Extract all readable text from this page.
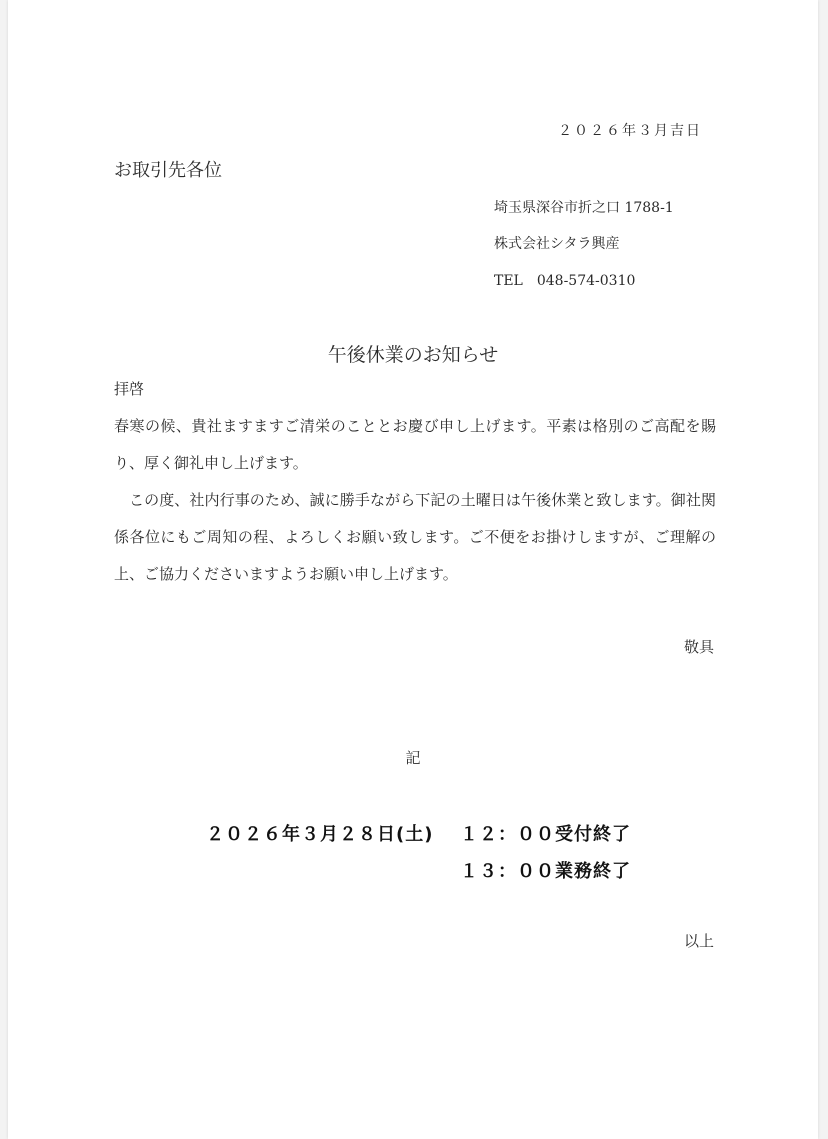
２０２６年３月吉日
お取引先各位
埼玉県深谷市折之口 1788-1
株式会社シタラ興産
TEL　048-574-0310
午後休業のお知らせ
拝啓

春寒の候、貴社ますますご清栄のこととお慶び申し上げます。平素は格別のご高配を賜り、厚く御礼申し上げます。

この度、社内行事のため、誠に勝手ながら下記の土曜日は午後休業と致します。御社関係各位にもご周知の程、よろしくお願い致します。ご不便をお掛けしますが、ご理解の上、ご協力くださいますようお願い申し上げます。

敬具
記
２０２６年３月２８日(土) １２：００受付終了
１３：００業務終了
以上
